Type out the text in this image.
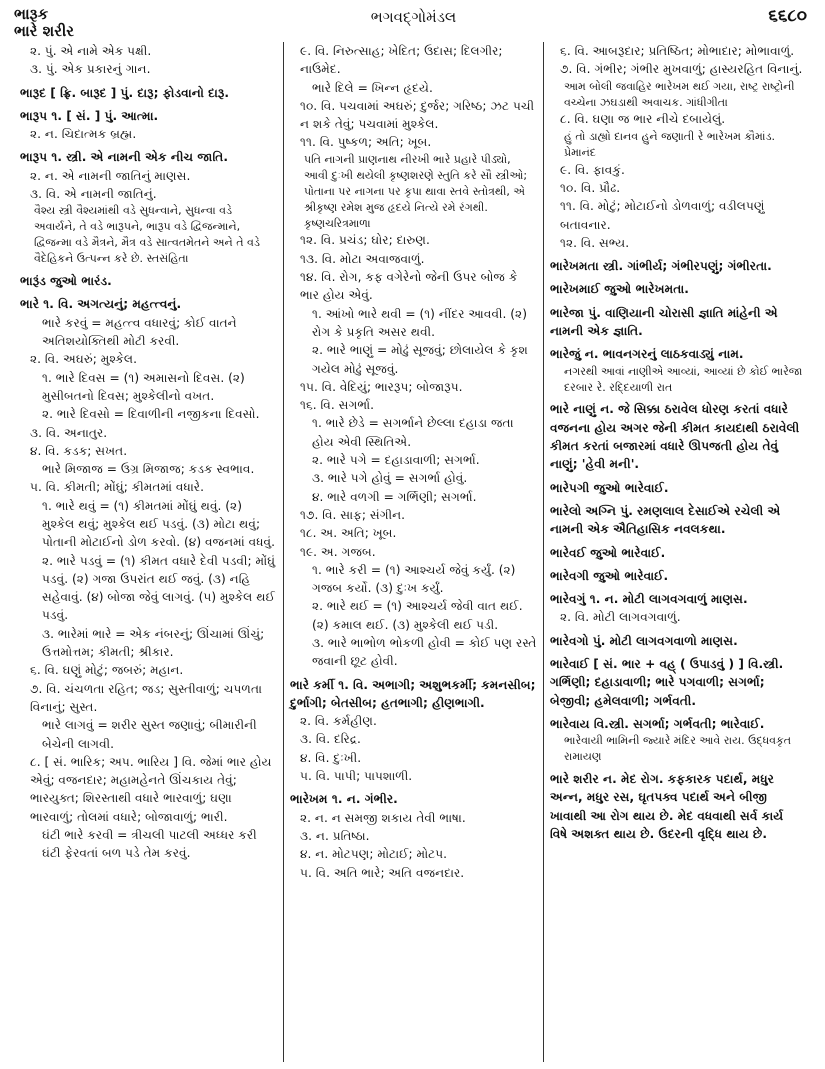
ભારૂક
ભારે શરીર
ભગવદ્ગોમંડલ	૬૬૮૦

૨. પું. એ નામે એક પક્ષી.

૩. પું. એક પ્રકારનું ગાન.

ભારૂદ [ ફ્રિ. બારૂદ ] પું. દારૂ; ફોડવાનો દારૂ.

ભારૂપ ૧. [ સં. ] પું. આત્મા.

૨. ન. ચિદાત્મક બ્રહ્મ.

ભારૂપ ૧. સ્ત્રી. એ નામની એક નીચ જાતિ.

૨. ન. એ નામની જાતિનું માણસ.

૩. વિ. એ નામની જાતિનું.

વૈશ્ય સ્ત્રી વૈશ્યમાંથી વડે સુધન્વાને, સુધન્વા વડે અવાર્યને, તે વડે ભારૂપને, ભારૂપ વડે દ્વિજન્માને, દ્વિજન્મા વડે મૈત્રને, મૈત્ર વડે સાત્વતમેતને અને તે વડે વૈદેહિકને ઉત્પન્ન કરે છે. સ્તસંહિતા

ભારૂંડ જુઓ ભારંડ.

ભારે ૧. વિ. અગત્યનું; મહત્ત્વનું.

ભારે કરવું = મહત્ત્વ વધારવું; કોઈ વાતને અતિશયોક્તિથી મોટી કરવી.

૨. વિ. અઘરું; મુશ્કેલ.

૧. ભારે દિવસ = (૧) અમાસનો દિવસ. (૨) મુસીબતનો દિવસ; મુશ્કેલીનો વખત.

૨. ભારે દિવસો = દિવાળીની નજીકના દિવસો.

૩. વિ. અનાતુર.

૪. વિ. કડક; સખત.

ભારે મિજાજ = ઉગ્ર મિજાજ; કડક સ્વભાવ.

૫. વિ. કીમતી; મોંઘું; કીમતમાં વધારે.

૧. ભારે થવું = (૧) કીમતમાં મોંઘું થવું. (૨) મુશ્કેલ થવું; મુશ્કેલ થઈ પડવું. (૩) મોટા થવું; પોતાની મોટાઈનો ડોળ કરવો. (૪) વજનમાં વધવું.

૨. ભારે પડવું = (૧) કીમત વધારે દેવી પડવી; મોંઘું પડવું. (૨) ગજા ઉપરાંત થઈ જવું. (૩) નહિ સહેવાવું. (૪) બોજા જેવું લાગવું. (૫) મુશ્કેલ થઈ પડવું.

૩. ભારેમાં ભારે = એક નંબરનું; ઊંચામાં ઊંચું; ઉત્તમોત્તમ; કીમતી; શ્રીકાર.

૬. વિ. ઘણું મોટું; જબરું; મહાન.

૭. વિ. ચંચળતા રહિત; જડ; સુસ્તીવાળું; ચપળતા વિનાનું; સુસ્ત.

ભારે લાગવું = શરીર સુસ્ત જણાવું; બીમારીની બેચેની લાગવી.

૮. [ સં. ભારિક; અપ. ભારિય ] વિ. જેમાં ભાર હોય એવું; વજનદાર; મહામહેનતે ઊંચકાય તેવું; ભારયુક્ત; શિરસ્તાથી વધારે ભારવાળું; ઘણા ભારવાળું; તોલમાં વધારે; બોજાવાળું; ભારી.

ઘંટી ભારે કરવી = ત્રીચલી પાટલી અધ્ધર કરી ઘંટી ફેરવતાં બળ પડે તેમ કરવું.

૯. વિ. નિરુત્સાહ; ખેદિત; ઉદાસ; દિલગીર; નાઉમેદ.

ભારે દિલે = ખિન્ન હૃદયે.

૧૦. વિ. પચવામાં અઘરું; દુર્જર; ગરિષ્ઠ; ઝટ પચી ન શકે તેવું; પચવામાં મુશ્કેલ.

૧૧. વિ. પુષ્કળ; અતિ; ખૂબ.

પતિ નાગની પ્રાણનાથ નીરખી ભારે પ્રહારે પીડ્યો, આવી દુઃખી થયેલી કૃષ્ણશરણે સ્તુતિ કરે સૌ સ્ત્રીઓ; પોતાના પર નાગના પર કૃપા થાવા સ્તવે સ્તોત્રથી, એ શ્રીકૃષ્ણ રમેશ મુજ હૃદયે નિત્યે રમે રંગથી. કૃષ્ણચરિત્રમાળા

૧૨. વિ. પ્રચંડ; ઘોર; દારુણ.

૧૩. વિ. મોટા અવાજવાળું.

૧૪. વિ. રોગ, કફ વગેરેનો જેની ઉપર બોજ કે ભાર હોય એવું.

૧. આંખો ભારે થવી = (૧) નીંદર આવવી. (૨) રોગ કે પ્રકૃતિ અસર થવી.

૨. ભારે ભાણું = મોઢું સૂજવું; છોલાયેલ કે કૃશ ગયેલ મોઢું સૂજવું.

૧૫. વિ. વેદિયું; ભારરૂપ; બોજારૂપ.

૧૬. વિ. સગર્ભા.

૧. ભારે છેડે = સગર્ભાને છેલ્લા દહાડા જતા હોય એવી સ્થિતિએ.

૨. ભારે પગે = દહાડાવાળી; સગર્ભા.

૩. ભારે પગે હોવું = સગર્ભા હોવું.

૪. ભારે વળગી = ગર્ભિણી; સગર્ભા.

૧૭. વિ. સાફ; સંગીન.

૧૮. અ. અતિ; ખૂબ.

૧૯. અ. ગજબ.

૧. ભારે કરી = (૧) આશ્ચર્ય જેવું કર્યું. (૨) ગજબ કર્યો. (૩) દુઃખ કર્યું.

૨. ભારે થઈ = (૧) આશ્ચર્ય જેવી વાત થઈ. (૨) કમાલ થઈ. (૩) મુશ્કેલી થઈ પડી.

૩. ભારે ભાભોળ ભોકળી હોવી = કોઈ પણ રસ્તે જવાની છૂટ હોવી.

ભારે કર્મી ૧. વિ. અભાગી; અશુભકર્મી; કમનસીબ; દુર્ભાગી; બેતસીબ; હતભાગી; હીણભાગી.

૨. વિ. કર્મહીણ.

૩. વિ. દરિદ્ર.

૪. વિ. દુઃખી.

૫. વિ. પાપી; પાપશાળી.

ભારેખમ ૧. ન. ગંભીર.

૨. ન. ન સમજી શકાય તેવી ભાષા.

૩. ન. પ્રતિષ્ઠા.

૪. ન. મોટપણ; મોટાઈ; મોટપ.

૫. વિ. અતિ ભારે; અતિ વજનદાર.

૬. વિ. આબરૂદાર; પ્રતિષ્ઠિત; મોભાદાર; મોભાવાળું.

૭. વિ. ગંભીર; ગંભીર મુખવાળું; હાસ્યરહિત વિનાનું.

આમ બોલી જવાહિર ભારેખમ થઈ ગયા, રાષ્ટ્ર રાષ્ટ્રોની વચ્ચેના ઝઘડાથી અવાચક. ગાંધીગીતા

૮. વિ. ઘણા જ ભાર નીચે દબાયેલું.

હું તો ડાહ્યો દાનવ હુને જણાતી રે ભારેખમ કૌમાંડ. પ્રેમાનંદ

૯. વિ. ફાવકું.

૧૦. વિ. પ્રૌઢ.

૧૧. વિ. મોટું; મોટાઈનો ડોળવાળું; વડીલપણું બતાવનાર.

૧૨. વિ. સભ્ય.

ભારેખમતા સ્ત્રી. ગાંભીર્ય; ગંભીરપણું; ગંભીરતા.

ભારેખમાઈ જુઓ ભારેખમતા.

ભારેજા પું. વાણિયાની ચોરાસી જ્ઞાતિ માંહેની એ નામની એક જ્ઞાતિ.

ભારેજું ન. ભાવનગરનું લાઠકવાડ્યું નામ.

નગરથી આવાં નાણીએ આવ્યાં, આવ્યાં છે કોઈ ભારેજા દરબાર રે. રદ્દિયાળી રાત

ભારે નાણું ન. જે સિક્કા ઠરાવેલ ધોરણ કરતાં વધારે વજનના હોય અગર જેની કીમત કાયદાથી ઠરાવેલી કીમત કરતાં બજારમાં વધારે ઊપજતી હોય તેવું નાણું; 'હેવી મની'.

ભારેપગી જુઓ ભારેવાઈ.

ભારેલો અગ્નિ પું. રમણલાલ દેસાઈએ રચેલી એ નામની એક ઐતિહાસિક નવલકથા.

ભારેવઈ જુઓ ભારેવાઈ.

ભારેવગી જુઓ ભારેવાઈ.

ભારેવગું ૧. ન. મોટી લાગવગવાળું માણસ.

૨. વિ. મોટી લાગવગવાળું.

ભારેવગો પું. મોટી લાગવગવાળો માણસ.

ભારેવાઈ [ સં. ભાર + વહ્ ( ઉપાડવું ) ] વિ.સ્ત્રી. ગર્ભિણી; દહાડાવાળી; ભારે પગવાળી; સગર્ભા; બેજીવી; હમેલવાળી; ગર્ભવતી.

ભારેવાય વિ.સ્ત્રી. સગર્ભા; ગર્ભવતી; ભારેવાઈ.

ભારેવાયી ભામિની જ્યારે મંદિર આવે રાય. ઉદ્ધવકૃત રામાયણ

ભારે શરીર ન. મેદ રોગ. કફકારક પદાર્થ, મધુર અન્ન, મધુર રસ, ઘૃતપક્વ પદાર્થ અને બીજી ખાવાથી આ રોગ થાય છે. મેદ વધવાથી સર્વ કાર્ય વિષે અશક્ત થાય છે. ઉદરની વૃદ્ધિ થાય છે.
